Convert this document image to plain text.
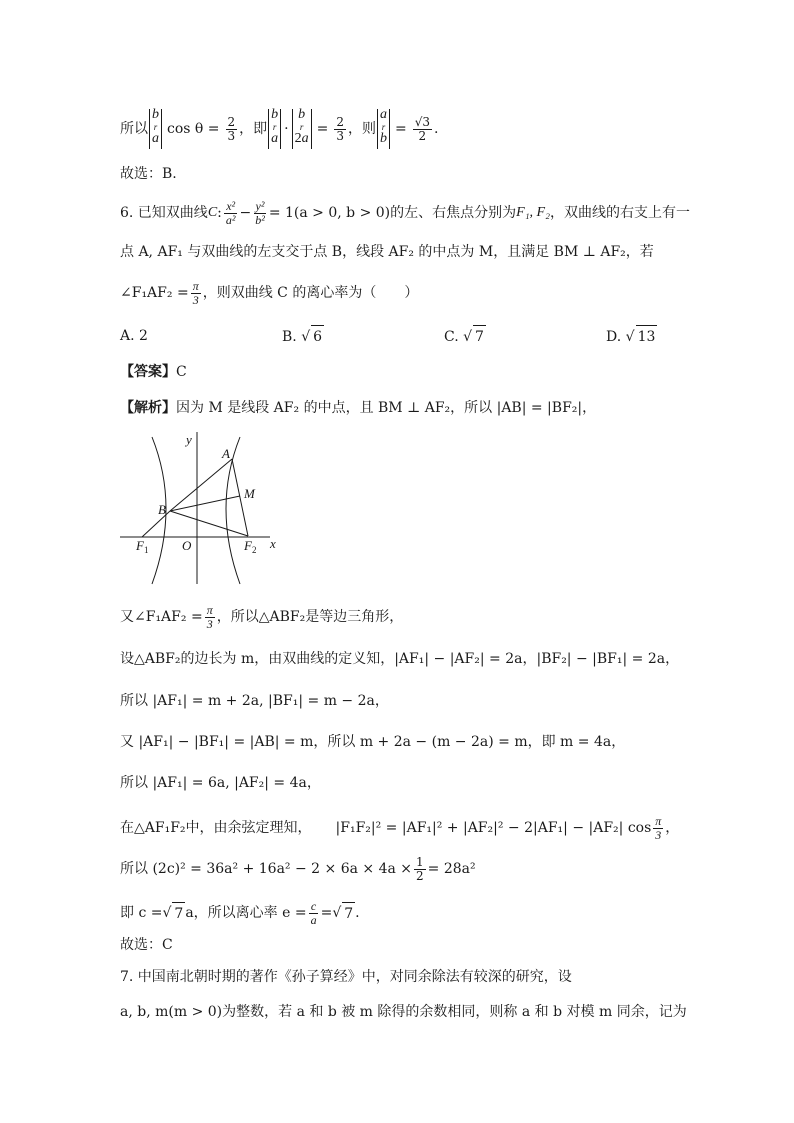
所以
b
r
a
$\cos \theta = \frac{2}{3}$ ，即
b
r
a
·
b
r
2a
= $\frac{2}{3}$ ，则
a
r
b
= $\frac{√3}{2}$ .
故选：B.
6. 已知双曲线 C : $\frac{\text{x²}}{\text{a²}} - \frac{\text{y²}}{\text{b²}} = 1$ (a > 0, b > 0)的左、右焦点分别为 F₁, F₂ ，双曲线的右支上有一
点 A, AF₁ 与双曲线的左支交于点 B，线段 AF₂ 的中点为 M，且满足 BM ⊥ AF₂，若
∠F₁AF₂ = $\frac{\pi}{3}$ ，则双曲线 C 的离心率为（　　）
A. 2	B.
√ 6	C.
√ 7	D.
√ 13
【答案】 C
【解析】 因为 M 是线段 AF₂ 的中点，且 BM ⊥ AF₂，所以 |AB| = |BF₂|，
y
x
O
A
B
M
$F_1$	$F_2$
又∠F₁AF₂ = $\frac{\pi}{3}$ ，所以△ABF₂是等边三角形，
设△ABF₂的边长为 m，由双曲线的定义知，|AF₁| − |AF₂| = 2a，|BF₂| − |BF₁| = 2a，
所以 |AF₁| = m + 2a, |BF₁| = m − 2a，
又 |AF₁| − |BF₁| = |AB| = m，所以 m + 2a − (m − 2a) = m，即 m = 4a，
所以 |AF₁| = 6a, |AF₂| = 4a，
在△AF₁F₂中，由余弦定理知， |F₁F₂|² = |AF₁|² + |AF₂|² − 2|AF₁| − |AF₂| $\cos \frac{\pi}{3}$ ，
所以 $(2c)^2 = 36a^2 + 16a^2 - 2 \times 6a \times 4a \times \frac{1}{2} = 28a^2$
即 c = √ 7 a，所以离心率 $e = \frac{c}{a}$ = √ 7 .
故选：C
7. 中国南北朝时期的著作《孙子算经》中，对同余除法有较深的研究，设
a, b, m(m > 0)为整数，若 a 和 b 被 m 除得的余数相同，则称 a 和 b 对模 m 同余，记为
